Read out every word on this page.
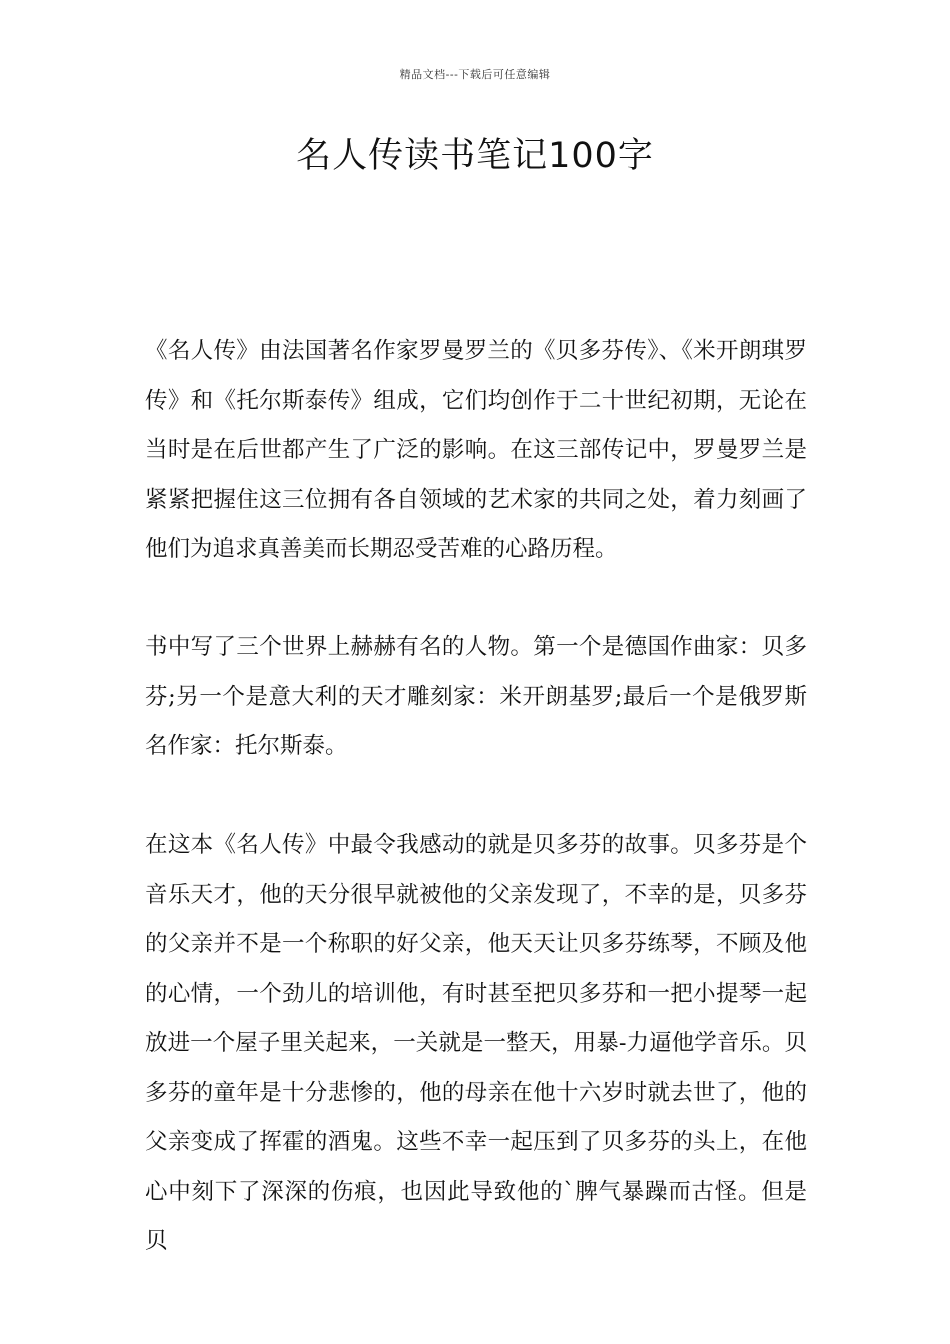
精品文档---下载后可任意编辑
名人传读书笔记100字

《名人传》由法国著名作家罗曼罗兰的《贝多芬传》、《米开朗琪罗传》和《托尔斯泰传》组成，它们均创作于二十世纪初期，无论在当时是在后世都产生了广泛的影响。在这三部传记中，罗曼罗兰是紧紧把握住这三位拥有各自领域的艺术家的共同之处，着力刻画了他们为追求真善美而长期忍受苦难的心路历程。

书中写了三个世界上赫赫有名的人物。第一个是德国作曲家：贝多芬;另一个是意大利的天才雕刻家：米开朗基罗;最后一个是俄罗斯名作家：托尔斯泰。

在这本《名人传》中最令我感动的就是贝多芬的故事。贝多芬是个音乐天才，他的天分很早就被他的父亲发现了，不幸的是，贝多芬的父亲并不是一个称职的好父亲，他天天让贝多芬练琴，不顾及他的心情，一个劲儿的培训他，有时甚至把贝多芬和一把小提琴一起放进一个屋子里关起来，一关就是一整天，用暴-力逼他学音乐。贝多芬的童年是十分悲惨的，他的母亲在他十六岁时就去世了，他的父亲变成了挥霍的酒鬼。这些不幸一起压到了贝多芬的头上，在他心中刻下了深深的伤痕，也因此导致他的`脾气暴躁而古怪。但是贝
